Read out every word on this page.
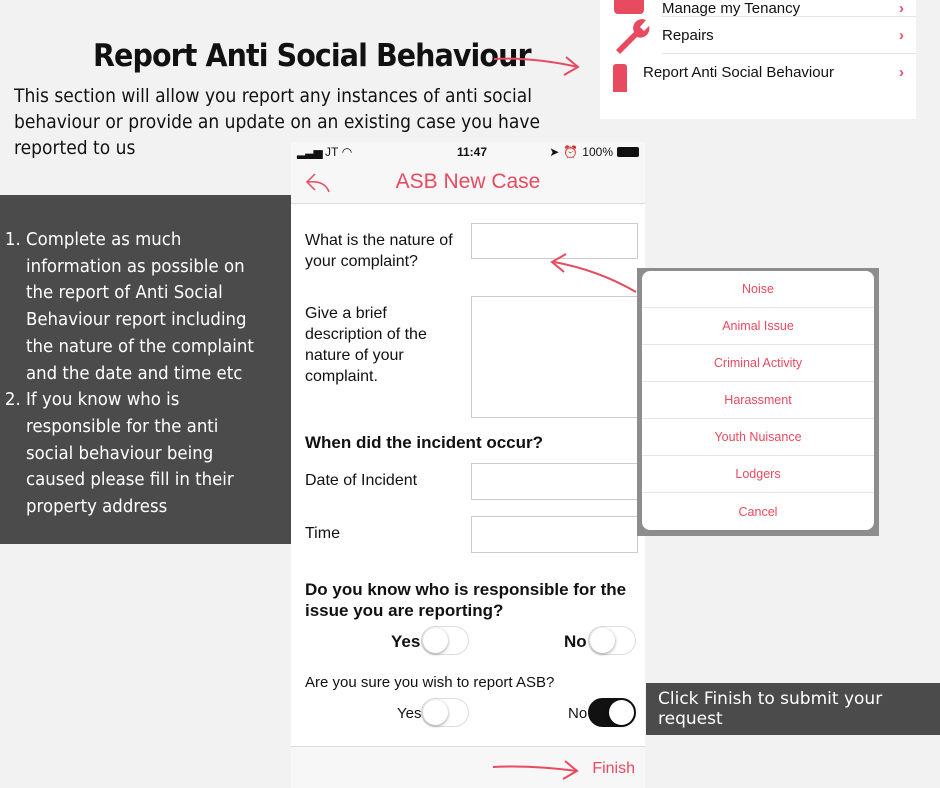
Report Anti Social Behaviour
This section will allow you report any instances of anti social behaviour or provide an update on an existing case you have reported to us
Manage my Tenancy	›
Repairs	›
Report Anti Social Behaviour	›
1. Complete as much information as possible on the report of Anti Social Behaviour report including the nature of the complaint and the date and time etc
2. If you know who is responsible for the anti social behaviour being caused please fill in their property address
▂▃▅
JT
◠	11:47	➤ ⏰ 100%
ASB New Case
What is the nature of your complaint?
Give a brief description of the nature of your complaint.
When did the incident occur?
Date of Incident
Time
Do you know who is responsible for the issue you are reporting?
Yes	No
Are you sure you wish to report ASB?
Yes	No
Finish
Noise
Animal Issue
Criminal Activity
Harassment
Youth Nuisance
Lodgers
Cancel
Click Finish to submit your request
